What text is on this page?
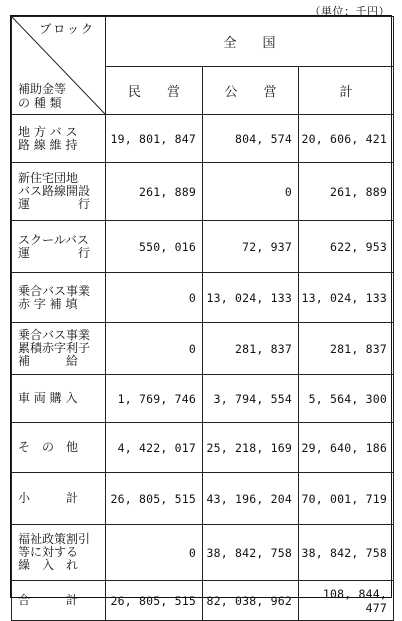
（単位：千円）
ブロック
補助金等
の 種 類	全　　国		
	民　　営	公　　営	計

地 方 バ ス
路 線 維 持	19, 801, 847	804, 574	20, 606, 421

新住宅団地
バス路線開設
運　　　　行	261, 889	0	261, 889

スクールバス
運　　　　行	550, 016	72, 937	622, 953

乗合バス事業
赤 字 補 填	0	13, 024, 133	13, 024, 133

乗合バス事業
累積赤字利子
補　　　給	0	281, 837	281, 837

車 両 購 入	1, 769, 746	3, 794, 554	5, 564, 300

そ　の　他	4, 422, 017	25, 218, 169	29, 640, 186

小　　　計	26, 805, 515	43, 196, 204	70, 001, 719

福祉政策割引
等に対する
繰　入　れ	0	38, 842, 758	38, 842, 758

合　　　計	26, 805, 515	82, 038, 962	108, 844, 477
